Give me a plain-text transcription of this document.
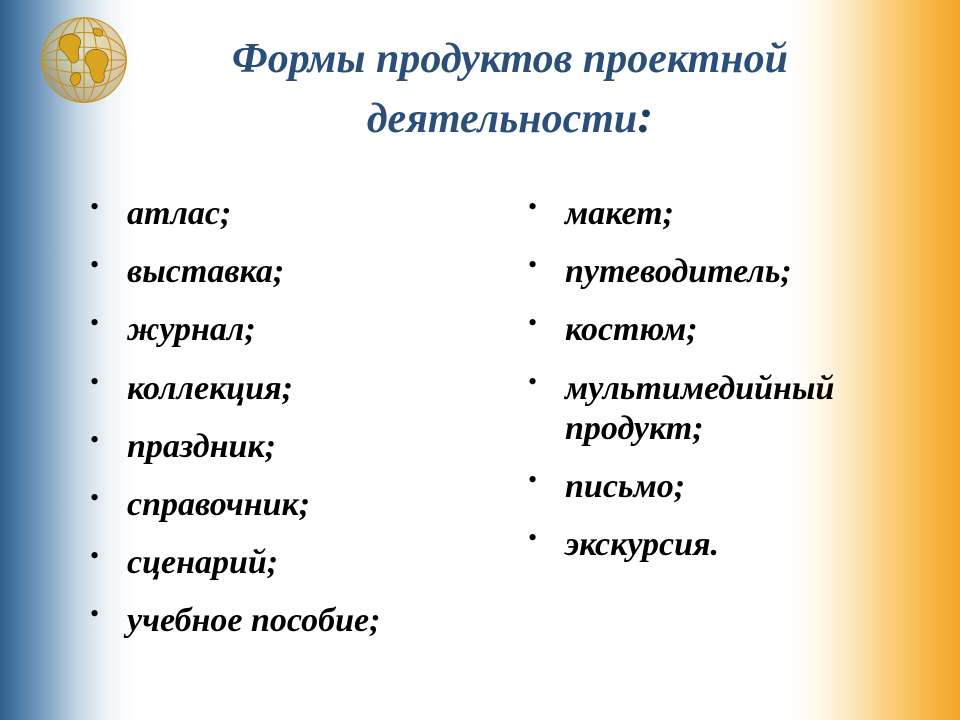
Формы продуктов проектной
деятельности:
• атлас;
• выставка;
• журнал;
• коллекция;
• праздник;
• справочник;
• сценарий;
• учебное пособие;
• макет;
• путеводитель;
• костюм;
• мультимедийный продукт;
• письмо;
• экскурсия.
